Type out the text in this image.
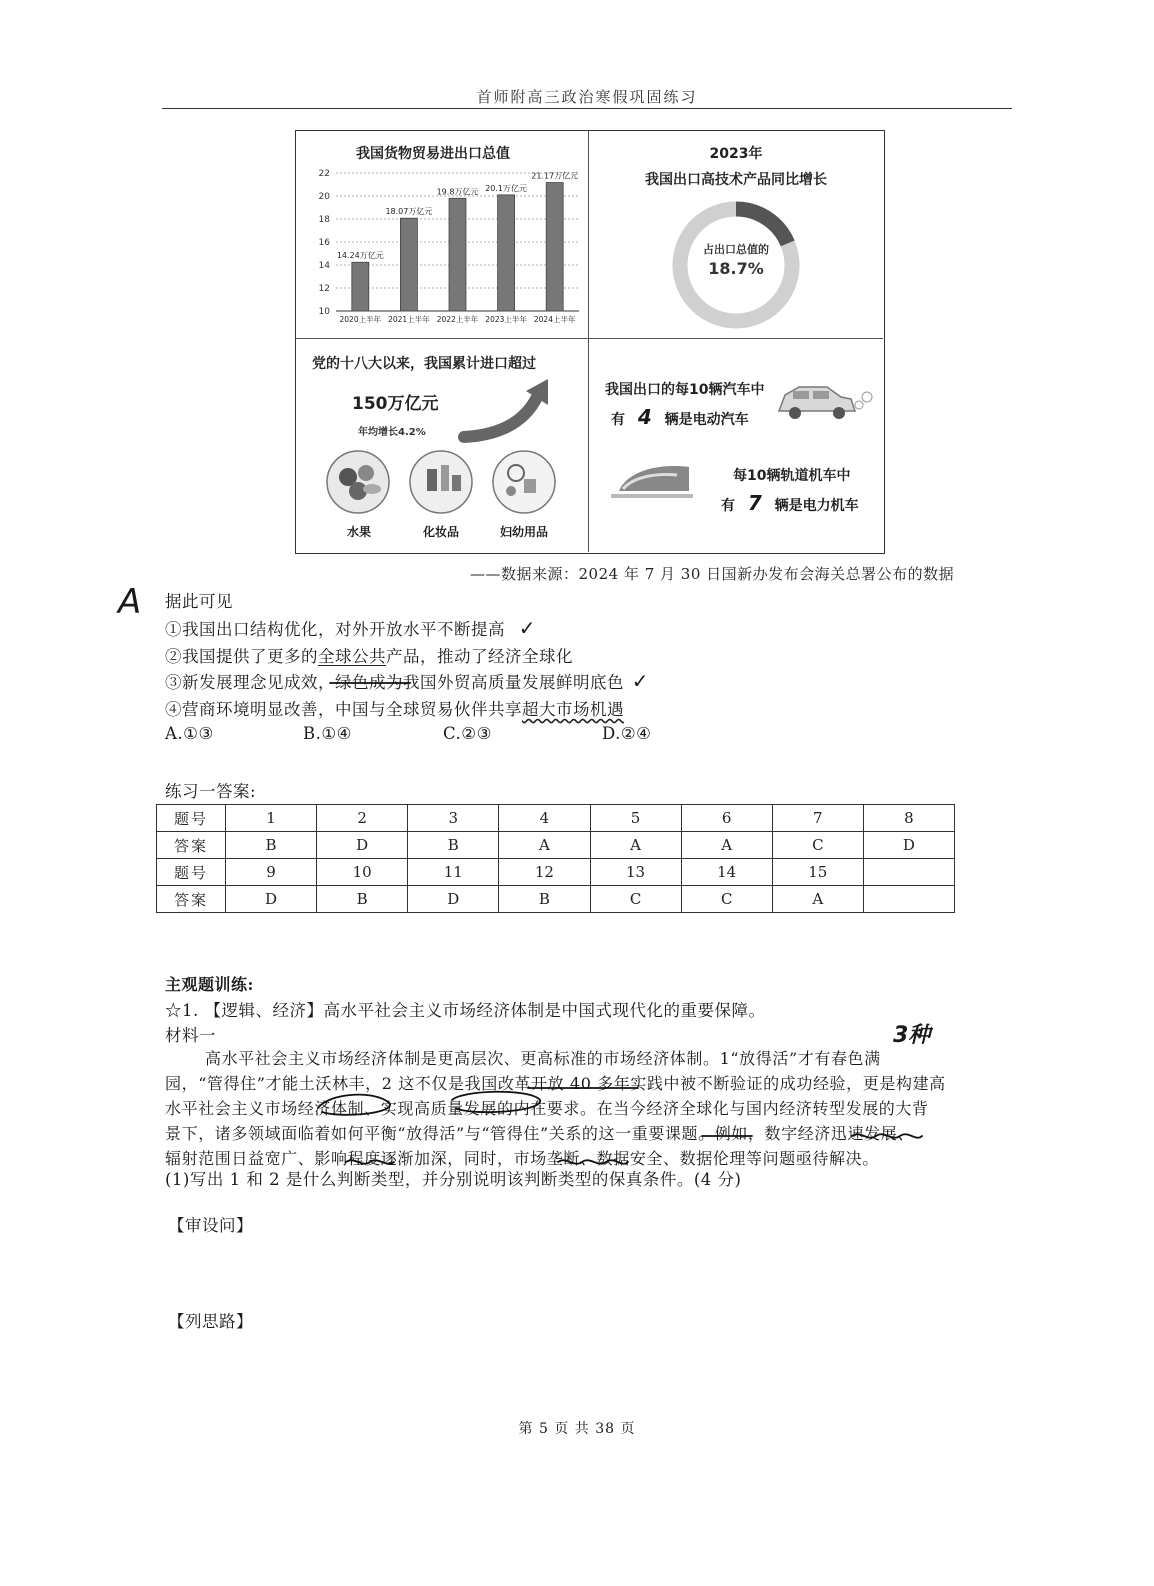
首师附高三政治寒假巩固练习
我国货物贸易进出口总值
10
12
14
16
18
20
22
14.24万亿元
2020上半年
18.07万亿元
2021上半年
19.8万亿元
2022上半年
20.1万亿元
2023上半年
21.17万亿元
2024上半年
2023年
我国出口高技术产品同比增长
占出口总值的
18.7%
党的十八大以来，我国累计进口超过
150万亿元
年均增长4.2%
水果	化妆品	妇幼用品
我国出口的每10辆汽车中
有 4 辆是电动汽车
每10辆轨道机车中
有 7 辆是电力机车
——数据来源：2024 年 7 月 30 日国新办发布会海关总署公布的数据
A 据此可见
①我国出口结构优化，对外开放水平不断提高 ✓
②我国提供了更多的全球公共产品，推动了经济全球化
③新发展理念见成效，绿色成为我国外贸高质量发展鲜明底色 ✓
④营商环境明显改善，中国与全球贸易伙伴共享超大市场机遇
A.①③	B.①④	C.②③	D.②④
练习一答案:
题号	1	2	3	4	5	6	7	8
答案	B	D	B	A	A	A	C	D
题号	9	10	11	12	13	14	15	
答案	D	B	D	B	C	C	A	
主观题训练:
☆1. 【逻辑、经济】高水平社会主义市场经济体制是中国式现代化的重要保障。
材料一	3种
高水平社会主义市场经济体制是更高层次、更高标准的市场经济体制。1“放得活”才有春色满
园，“管得住”才能土沃林丰，2 这不仅是我国改革开放 40 多年实践中被不断验证的成功经验，更是构建高
水平社会主义市场经济体制、实现高质量发展的内在要求。在当今经济全球化与国内经济转型发展的大背
景下，诸多领域面临着如何平衡“放得活”与“管得住”关系的这一重要课题。例如，数字经济迅速发展、
辐射范围日益宽广、影响程度逐渐加深，同时，市场垄断、数据安全、数据伦理等问题亟待解决。
(1)写出 1 和 2 是什么判断类型，并分别说明该判断类型的保真条件。(4 分)
【审设问】
【列思路】
第 5 页 共 38 页
